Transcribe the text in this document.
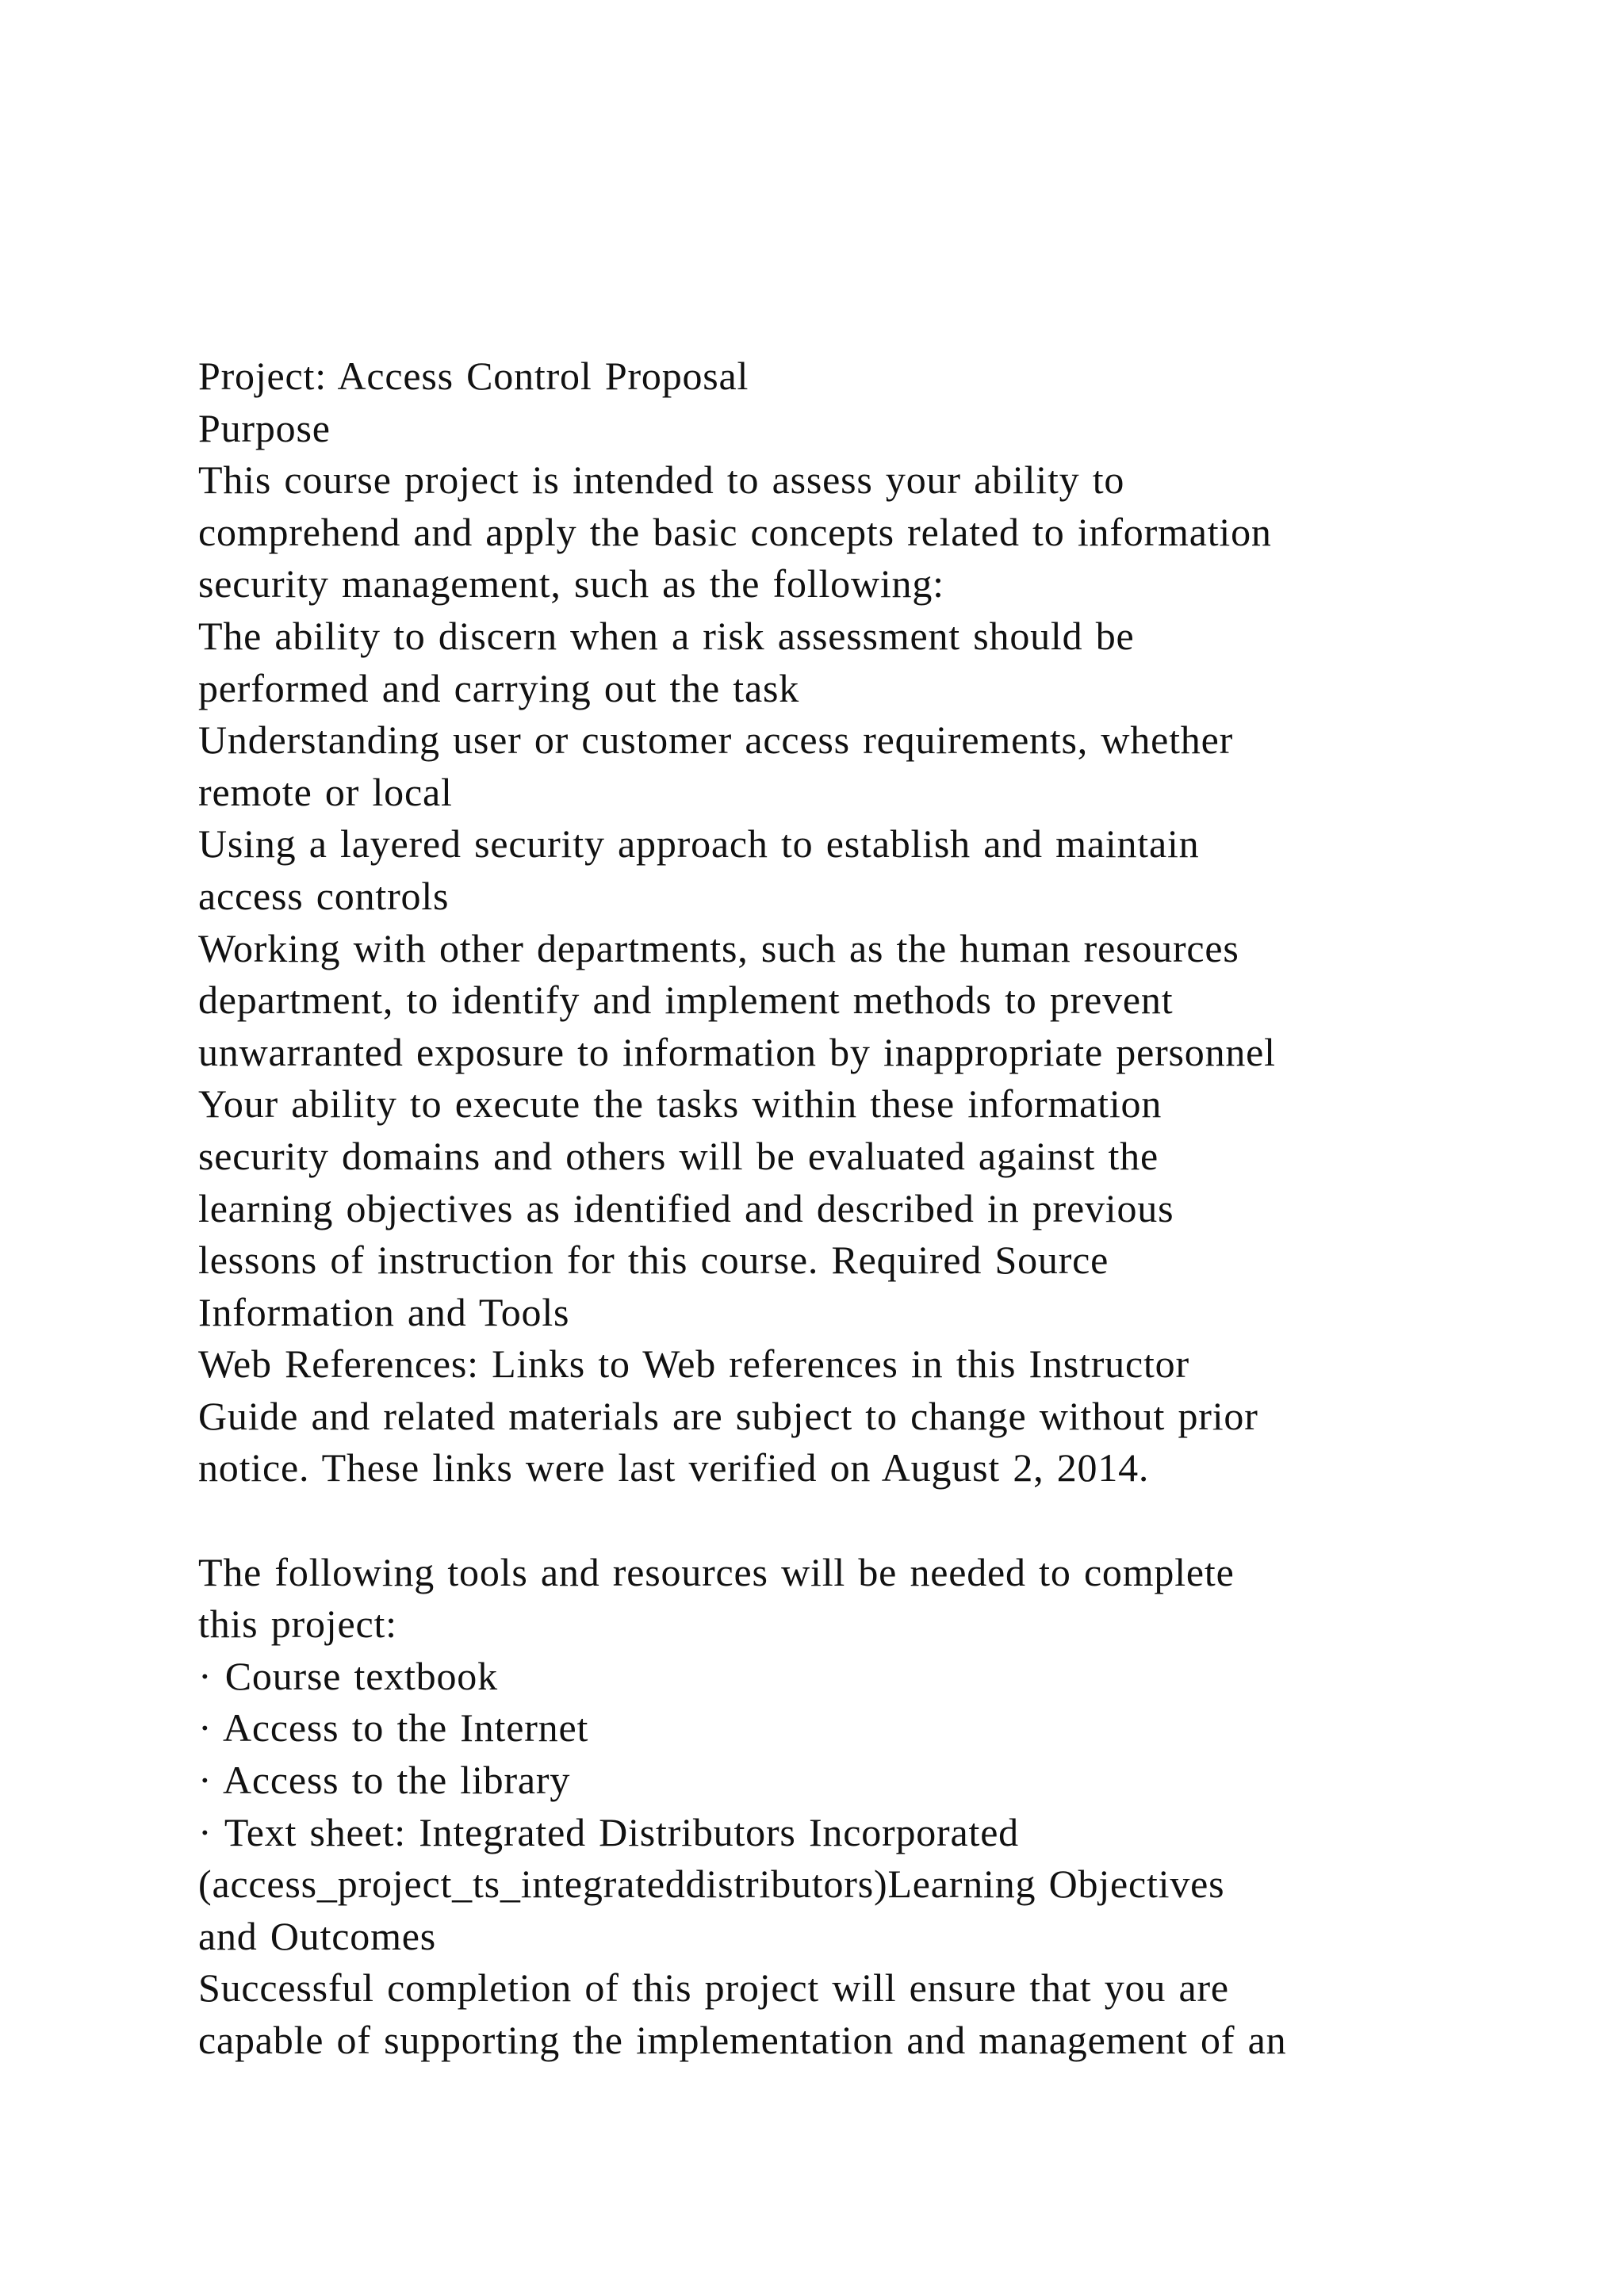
Project: Access Control Proposal
Purpose
This course project is intended to assess your ability to
comprehend and apply the basic concepts related to information
security management, such as the following:
The ability to discern when a risk assessment should be
performed and carrying out the task
Understanding user or customer access requirements, whether
remote or local
Using a layered security approach to establish and maintain
access controls
Working with other departments, such as the human resources
department, to identify and implement methods to prevent
unwarranted exposure to information by inappropriate personnel
Your ability to execute the tasks within these information
security domains and others will be evaluated against the
learning objectives as identified and described in previous
lessons of instruction for this course. Required Source
Information and Tools
Web References: Links to Web references in this Instructor
Guide and related materials are subject to change without prior
notice. These links were last verified on August 2, 2014.
The following tools and resources will be needed to complete
this project:
· Course textbook
· Access to the Internet
· Access to the library
· Text sheet: Integrated Distributors Incorporated
(access_project_ts_integrateddistributors)Learning Objectives
and Outcomes
Successful completion of this project will ensure that you are
capable of supporting the implementation and management of an
